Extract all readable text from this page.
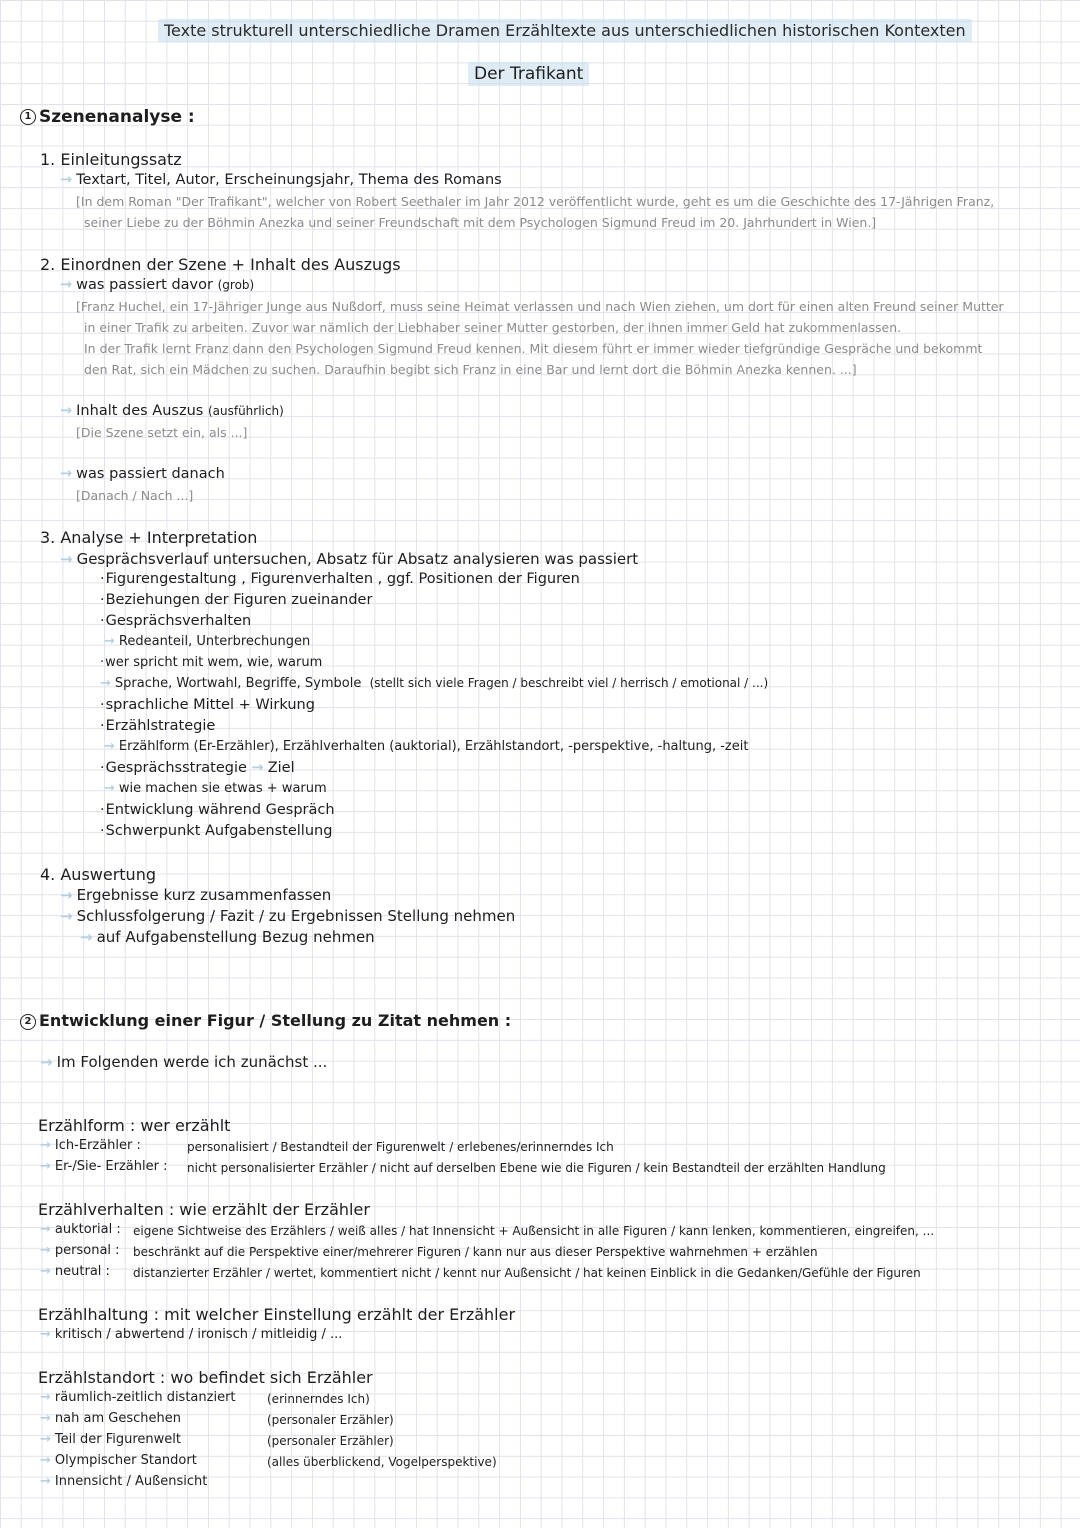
Texte strukturell unterschiedliche Dramen Erzähltexte aus unterschiedlichen historischen Kontexten
Der Trafikant
1 Szenenanalyse :
1. Einleitungssatz
→ Textart, Titel, Autor, Erscheinungsjahr, Thema des Romans
[In dem Roman "Der Trafikant", welcher von Robert Seethaler im Jahr 2012 veröffentlicht wurde, geht es um die Geschichte des 17-Jährigen Franz,
seiner Liebe zu der Böhmin Anezka und seiner Freundschaft mit dem Psychologen Sigmund Freud im 20. Jahrhundert in Wien.]
2. Einordnen der Szene + Inhalt des Auszugs
→ was passiert davor (grob)
[Franz Huchel, ein 17-Jähriger Junge aus Nußdorf, muss seine Heimat verlassen und nach Wien ziehen, um dort für einen alten Freund seiner Mutter
in einer Trafik zu arbeiten. Zuvor war nämlich der Liebhaber seiner Mutter gestorben, der ihnen immer Geld hat zukommenlassen.
In der Trafik lernt Franz dann den Psychologen Sigmund Freud kennen. Mit diesem führt er immer wieder tiefgründige Gespräche und bekommt
den Rat, sich ein Mädchen zu suchen. Daraufhin begibt sich Franz in eine Bar und lernt dort die Böhmin Anezka kennen. ...]
→ Inhalt des Auszus (ausführlich)
[Die Szene setzt ein, als ...]
→ was passiert danach
[Danach / Nach ...]
3. Analyse + Interpretation
→ Gesprächsverlauf untersuchen, Absatz für Absatz analysieren was passiert
·Figurengestaltung , Figurenverhalten , ggf. Positionen der Figuren
·Beziehungen der Figuren zueinander
·Gesprächsverhalten
→ Redeanteil, Unterbrechungen
·wer spricht mit wem, wie, warum
→ Sprache, Wortwahl, Begriffe, Symbole (stellt sich viele Fragen / beschreibt viel / herrisch / emotional / ...)
·sprachliche Mittel + Wirkung
·Erzählstrategie
→ Erzählform (Er-Erzähler), Erzählverhalten (auktorial), Erzählstandort, -perspektive, -haltung, -zeit
·Gesprächsstrategie → Ziel
→ wie machen sie etwas + warum
·Entwicklung während Gespräch
·Schwerpunkt Aufgabenstellung
4. Auswertung
→ Ergebnisse kurz zusammenfassen
→ Schlussfolgerung / Fazit / zu Ergebnissen Stellung nehmen
→ auf Aufgabenstellung Bezug nehmen
2 Entwicklung einer Figur / Stellung zu Zitat nehmen :
→ Im Folgenden werde ich zunächst ...
Erzählform : wer erzählt
→ Ich-Erzähler :	personalisiert / Bestandteil der Figurenwelt / erlebenes/erinnerndes Ich
→ Er-/Sie- Erzähler : nicht personalisierter Erzähler / nicht auf derselben Ebene wie die Figuren / kein Bestandteil der erzählten Handlung
Erzählverhalten : wie erzählt der Erzähler
→ auktorial : eigene Sichtweise des Erzählers / weiß alles / hat Innensicht + Außensicht in alle Figuren / kann lenken, kommentieren, eingreifen, ...
→ personal : beschränkt auf die Perspektive einer/mehrerer Figuren / kann nur aus dieser Perspektive wahrnehmen + erzählen
→ neutral : distanzierter Erzähler / wertet, kommentiert nicht / kennt nur Außensicht / hat keinen Einblick in die Gedanken/Gefühle der Figuren
Erzählhaltung : mit welcher Einstellung erzählt der Erzähler
→ kritisch / abwertend / ironisch / mitleidig / ...
Erzählstandort : wo befindet sich Erzähler
→ räumlich-zeitlich distanziert	(erinnerndes Ich)
→ nah am Geschehen	(personaler Erzähler)
→ Teil der Figurenwelt	(personaler Erzähler)
→ Olympischer Standort	(alles überblickend, Vogelperspektive)
→ Innensicht / Außensicht
